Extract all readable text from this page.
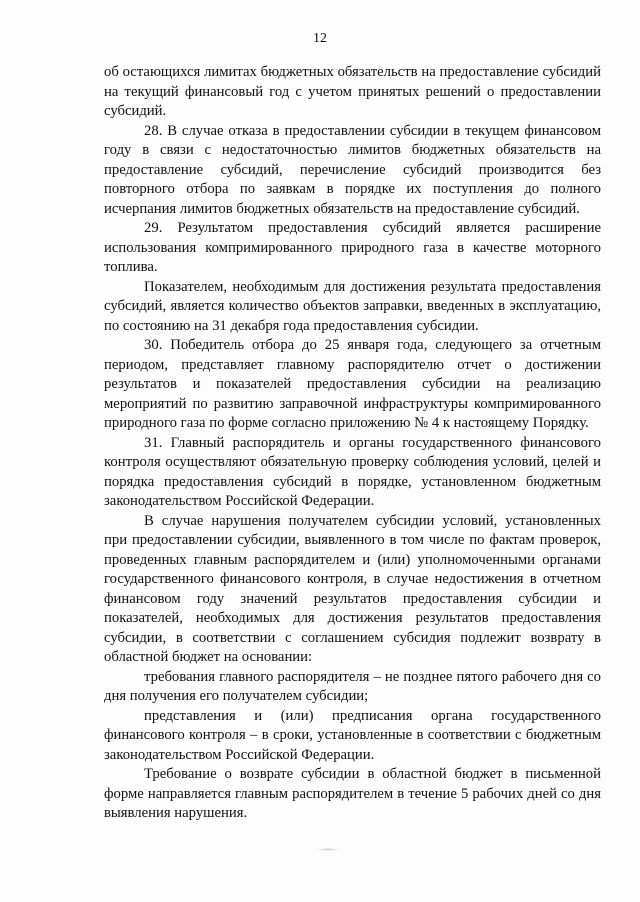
12

об остающихся лимитах бюджетных обязательств на предоставление субсидий на текущий финансовый год с учетом принятых решений о предоставлении субсидий.

28. В случае отказа в предоставлении субсидии в текущем финансовом году в связи с недостаточностью лимитов бюджетных обязательств на предоставление субсидий, перечисление субсидий производится без повторного отбора по заявкам в порядке их поступления до полного исчерпания лимитов бюджетных обязательств на предоставление субсидий.

29. Результатом предоставления субсидий является расширение использования компримированного природного газа в качестве моторного топлива.

Показателем, необходимым для достижения результата предоставления субсидий, является количество объектов заправки, введенных в эксплуатацию, по состоянию на 31 декабря года предоставления субсидии.

30. Победитель отбора до 25 января года, следующего за отчетным периодом, представляет главному распорядителю отчет о достижении результатов и показателей предоставления субсидии на реализацию мероприятий по развитию заправочной инфраструктуры компримированного природного газа по форме согласно приложению № 4 к настоящему Порядку.

31. Главный распорядитель и органы государственного финансового контроля осуществляют обязательную проверку соблюдения условий, целей и порядка предоставления субсидий в порядке, установленном бюджетным законодательством Российской Федерации.

В случае нарушения получателем субсидии условий, установленных при предоставлении субсидии, выявленного в том числе по фактам проверок, проведенных главным распорядителем и (или) уполномоченными органами государственного финансового контроля, в случае недостижения в отчетном финансовом году значений результатов предоставления субсидии и показателей, необходимых для достижения результатов предоставления субсидии, в соответствии с соглашением субсидия подлежит возврату в областной бюджет на основании:

требования главного распорядителя – не позднее пятого рабочего дня со дня получения его получателем субсидии;

представления и (или) предписания органа государственного финансового контроля – в сроки, установленные в соответствии с бюджетным законодательством Российской Федерации.

Требование о возврате субсидии в областной бюджет в письменной форме направляется главным распорядителем в течение 5 рабочих дней со дня выявления нарушения.
